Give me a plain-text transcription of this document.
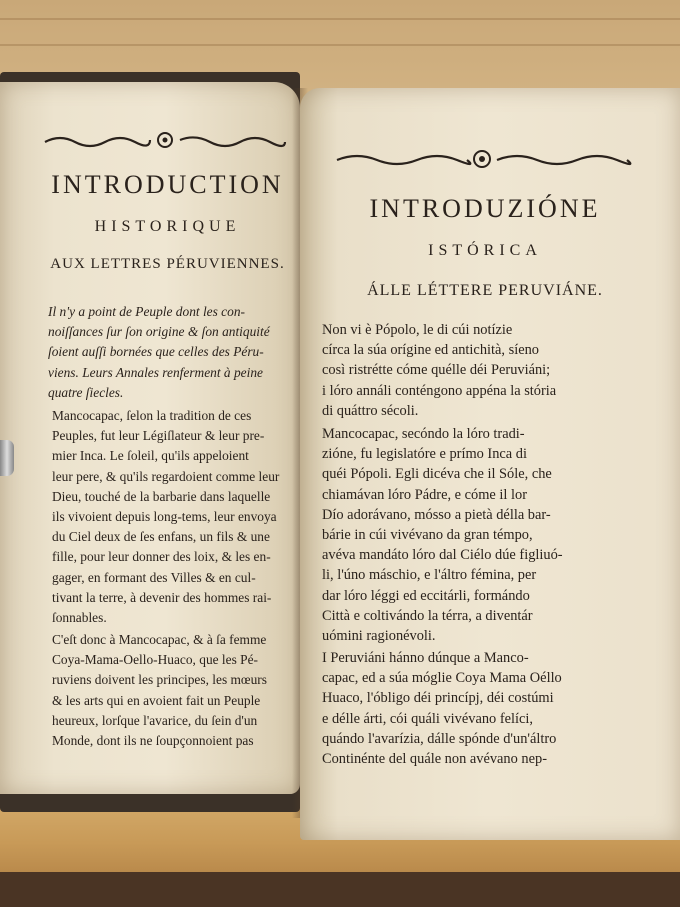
INTRODUCTION
HISTORIQUE
AUX LETTRES PÉRUVIENNES.
Il n'y a point de Peuple dont les con-
noiſſances ſur ſon origine & ſon antiquité
ſoient auſſi bornées que celles des Péru-
viens. Leurs Annales renferment à peine
quatre ſiecles.
Mancocapac, ſelon la tradition de ces
Peuples, fut leur Légiſlateur & leur pre-
mier Inca. Le ſoleil, qu'ils appeloient
leur pere, & qu'ils regardoient comme leur
Dieu, touché de la barbarie dans laquelle
ils vivoient depuis long-tems, leur envoya
du Ciel deux de ſes enfans, un fils & une
fille, pour leur donner des loix, & les en-
gager, en formant des Villes & en cul-
tivant la terre, à devenir des hommes rai-
ſonnables.
C'eſt donc à Mancocapac, & à ſa femme
Coya-Mama-Oello-Huaco, que les Pé-
ruviens doivent les principes, les mœurs
& les arts qui en avoient fait un Peuple
heureux, lorſque l'avarice, du ſein d'un
Monde, dont ils ne ſoupçonnoient pas
INTRODUZIÓNE
ISTÓRICA
ÁLLE LÉTTERE PERUVIÁNE.
Non vi è Pópolo, le di cúi notízie
círca la súa orígine ed antichità, síeno
così ristrétte cóme quélle déi Peruviáni;
i lóro annáli conténgono appéna la stória
di quáttro sécoli.
Mancocapac, secóndo la lóro tradi-
zióne, fu legislatóre e prímo Inca di
quéi Pópoli. Egli dicéva che il Sóle, che
chiamávan lóro Pádre, e cóme il lor
Dío adorávano, mósso a pietà délla bar-
bárie in cúi vivévano da gran témpo,
avéva mandáto lóro dal Ciélo dúe figliuó-
li, l'úno máschio, e l'áltro fémina, per
dar lóro léggi ed eccitárli, formándo
Città e coltivándo la térra, a diventár
uómini ragionévoli.
I Peruviáni hánno dúnque a Manco-
capac, ed a súa móglie Coya Mama Oéllo
Huaco, l'óbligo déi princípj, déi costúmi
e délle árti, cói quáli vivévano felíci,
quándo l'avarízia, dálle spónde d'un'áltro
Continénte del quále non avévano nep-
